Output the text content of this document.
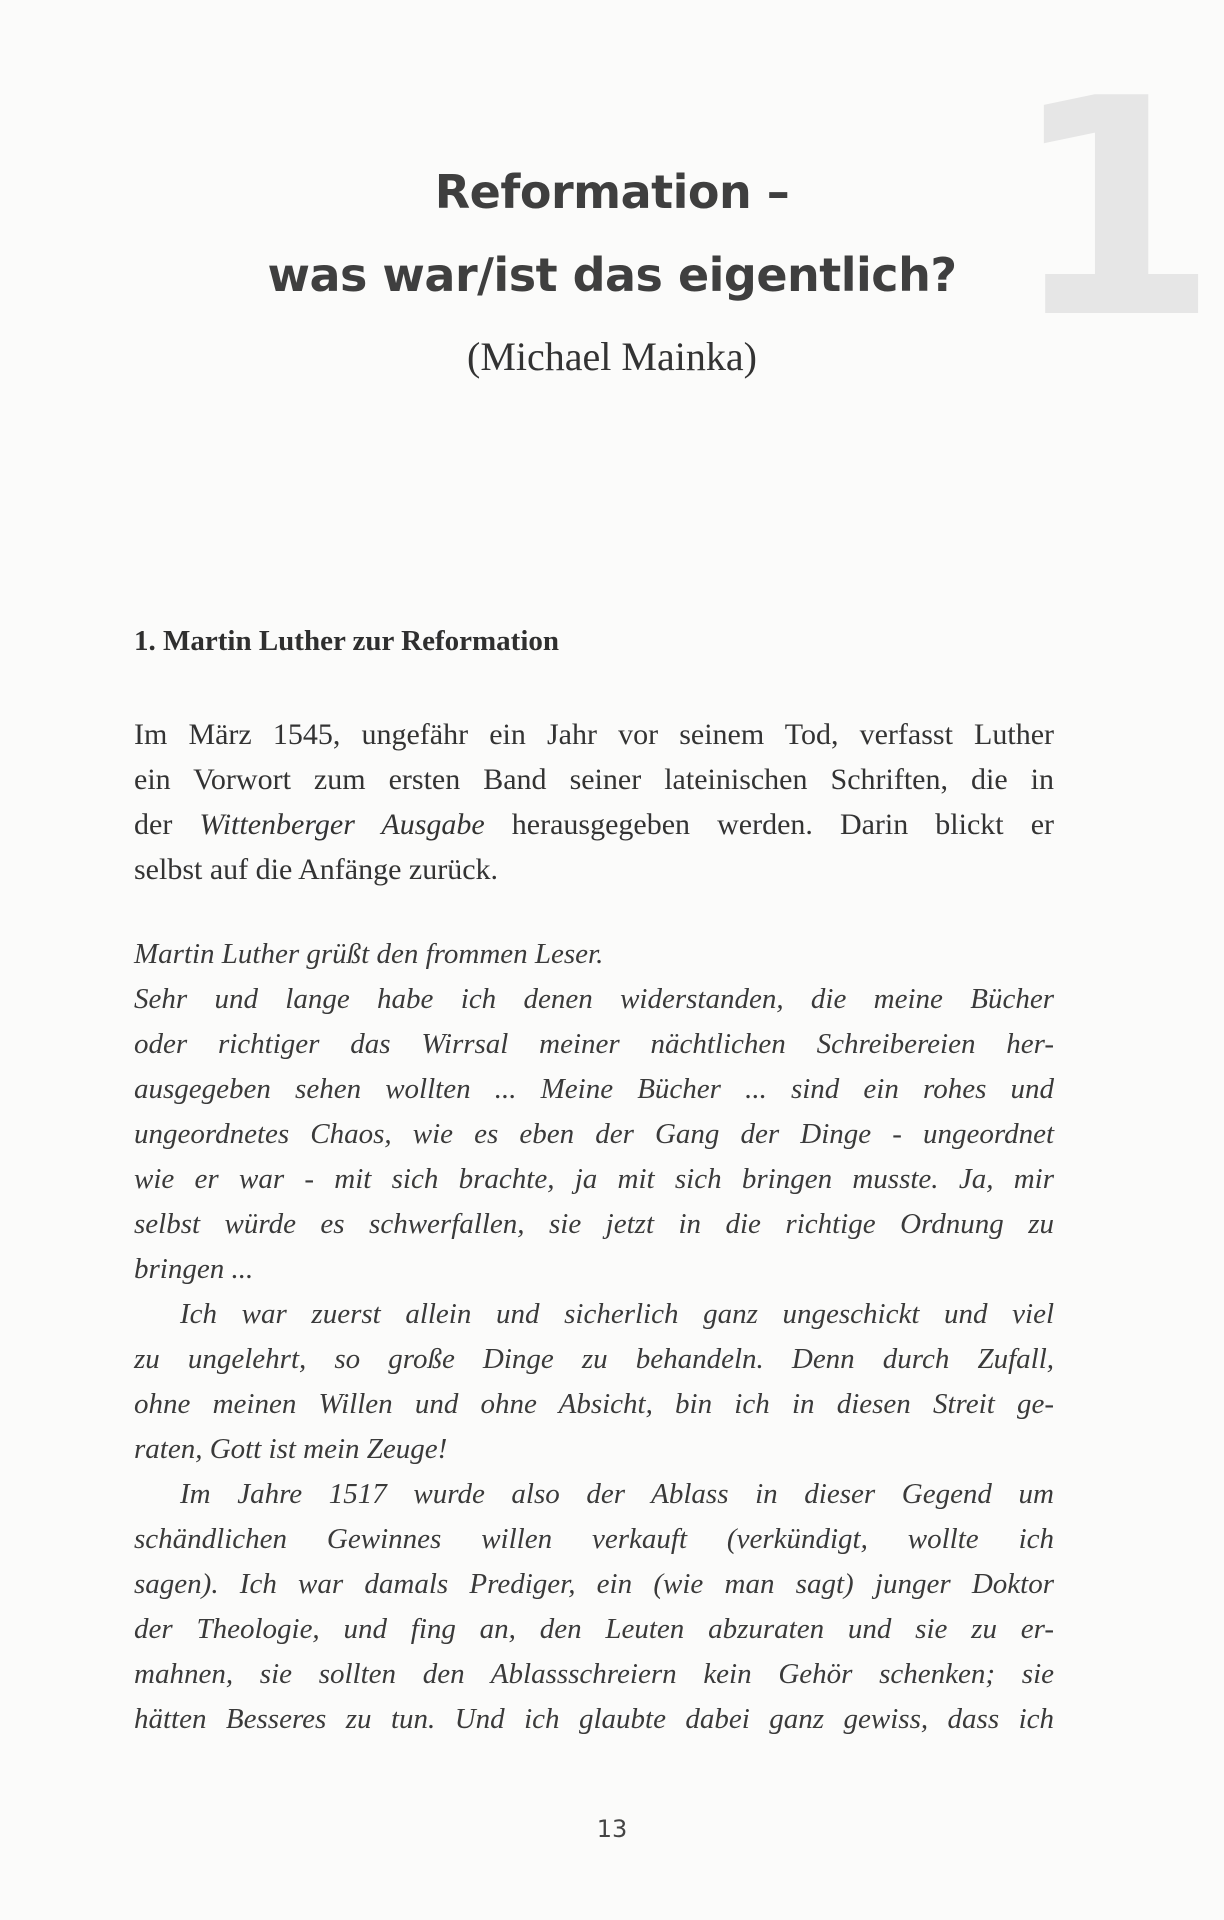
1
Reformation –
was war/ist das eigentlich?
(Michael Mainka)
1. Martin Luther zur Reformation

Im März 1545, ungefähr ein Jahr vor seinem Tod, verfasst Luther
ein Vorwort zum ersten Band seiner lateinischen Schriften, die in
der Wittenberger Ausgabe herausgegeben werden. Darin blickt er
selbst auf die Anfänge zurück.

Martin Luther grüßt den frommen Leser.
Sehr und lange habe ich denen widerstanden, die meine Bücher
oder richtiger das Wirrsal meiner nächtlichen Schreibereien her-
ausgegeben sehen wollten ... Meine Bücher ... sind ein rohes und
ungeordnetes Chaos, wie es eben der Gang der Dinge - ungeordnet
wie er war - mit sich brachte, ja mit sich bringen musste. Ja, mir
selbst würde es schwerfallen, sie jetzt in die richtige Ordnung zu
bringen ...
Ich war zuerst allein und sicherlich ganz ungeschickt und viel
zu ungelehrt, so große Dinge zu behandeln. Denn durch Zufall,
ohne meinen Willen und ohne Absicht, bin ich in diesen Streit ge-
raten, Gott ist mein Zeuge!
Im Jahre 1517 wurde also der Ablass in dieser Gegend um
schändlichen Gewinnes willen verkauft (verkündigt, wollte ich
sagen). Ich war damals Prediger, ein (wie man sagt) junger Doktor
der Theologie, und fing an, den Leuten abzuraten und sie zu er-
mahnen, sie sollten den Ablassschreiern kein Gehör schenken; sie
hätten Besseres zu tun. Und ich glaubte dabei ganz gewiss, dass ich
13
